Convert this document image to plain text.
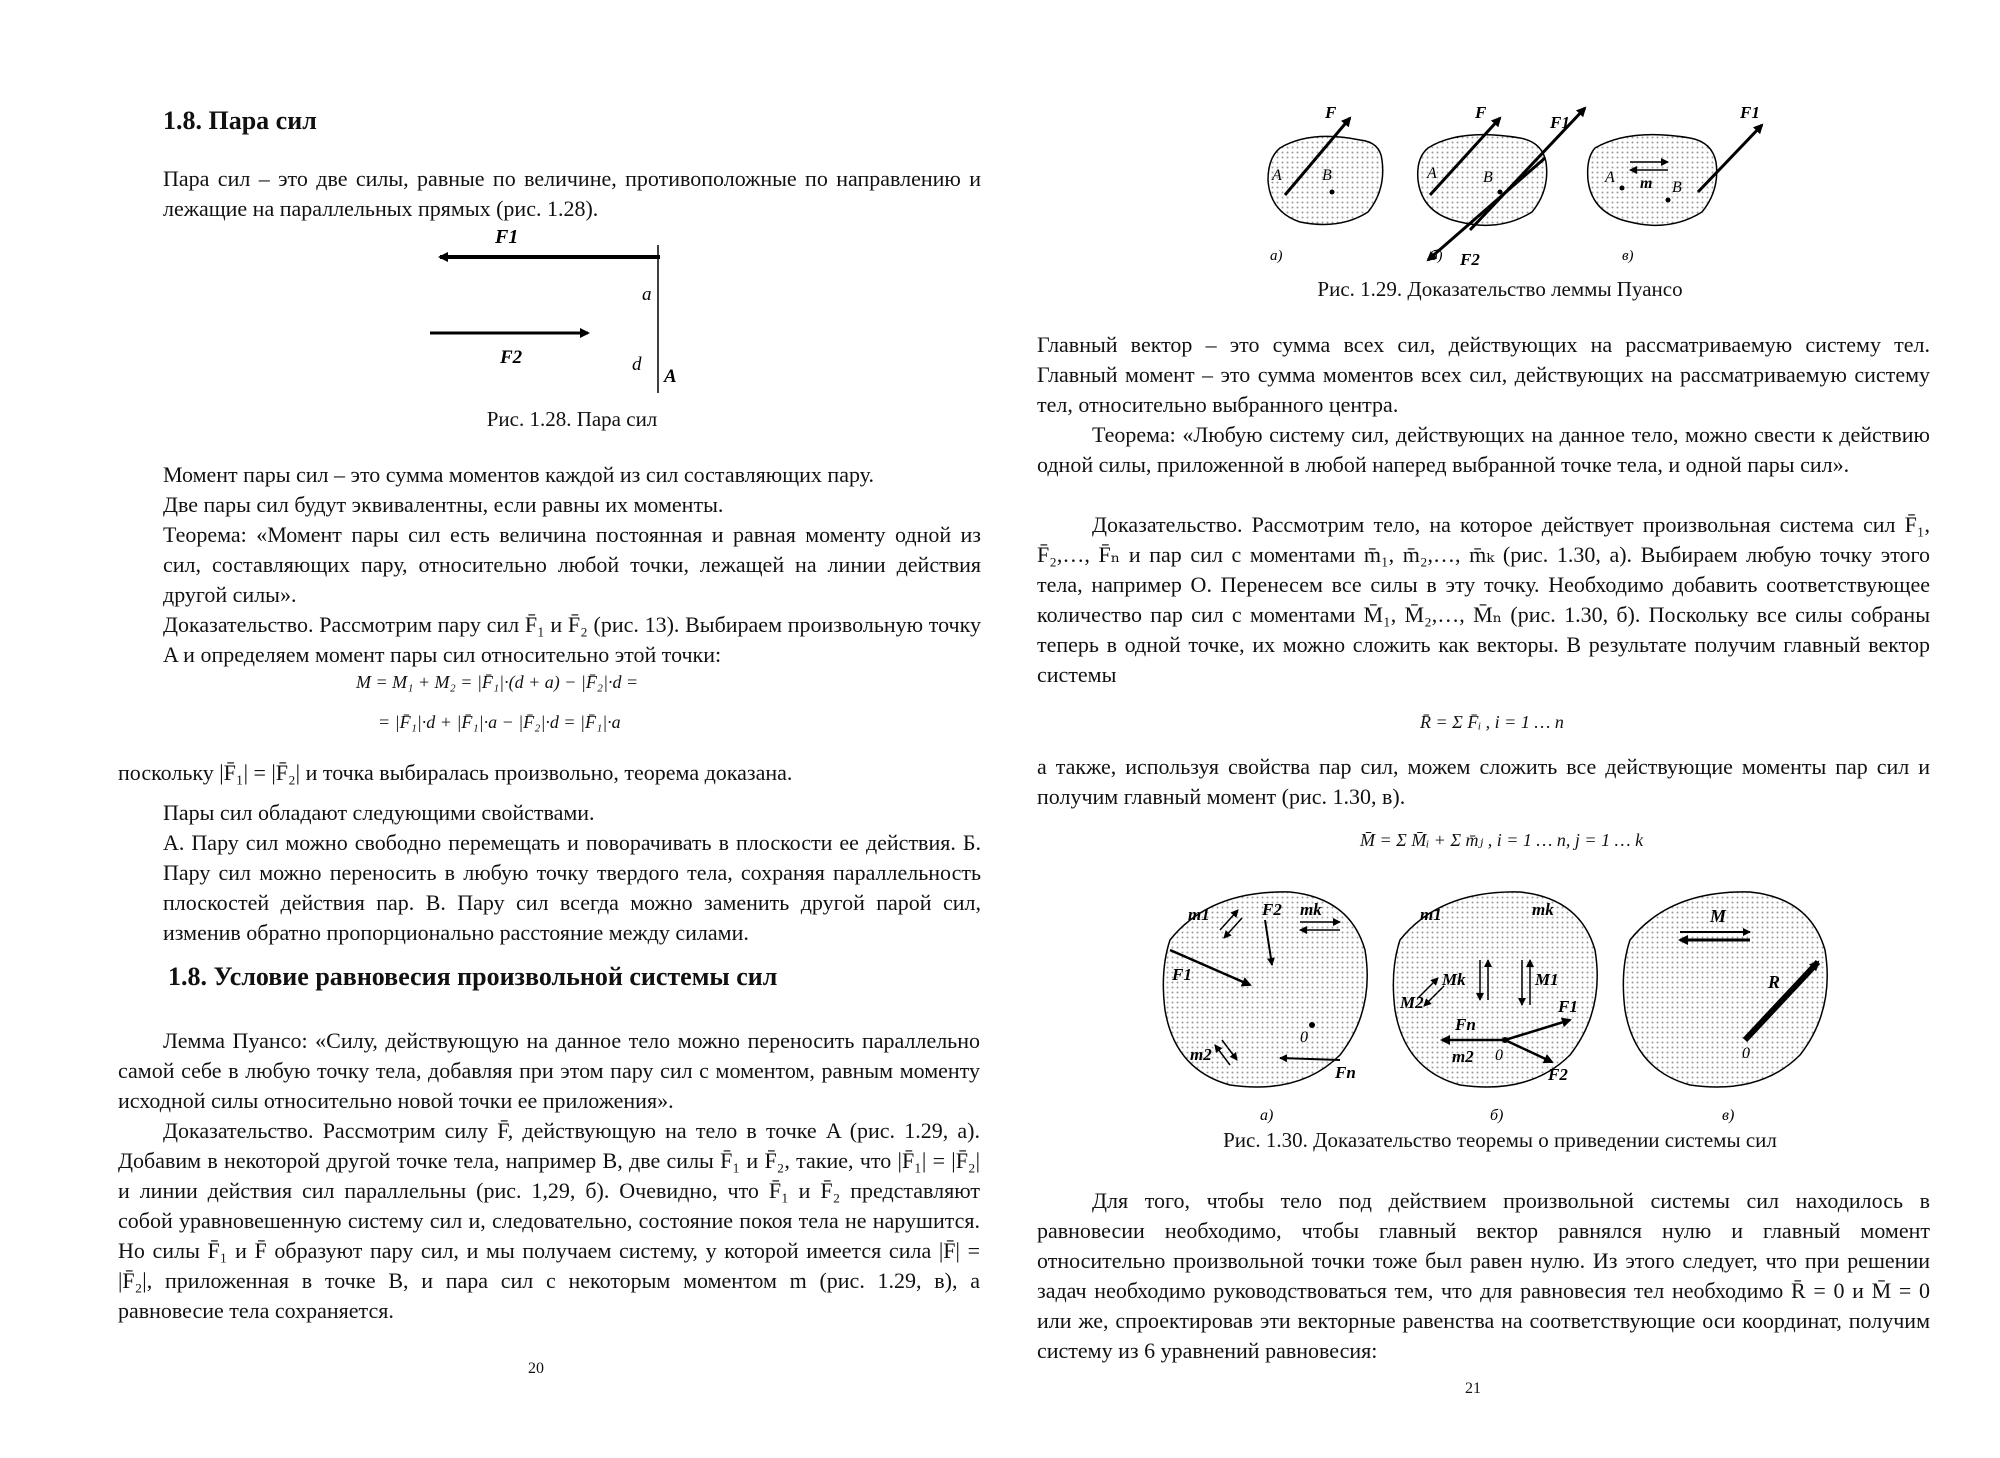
1.8. Пара сил

Пара сил – это две силы, равные по величине, противоположные по направлению и лежащие на параллельных прямых (рис. 1.28).

F1
a
F2	d
A
Рис. 1.28. Пара сил

Момент пары сил – это сумма моментов каждой из сил составляющих пару.

Две пары сил будут эквивалентны, если равны их моменты.

Теорема: «Момент пары сил есть величина постоянная и равная моменту одной из сил, составляющих пару, относительно любой точки, лежащей на линии действия другой силы».

Доказательство. Рассмотрим пару сил F̄₁ и F̄₂ (рис. 13). Выбираем произвольную точку A и определяем момент пары сил относительно этой точки:

M = M₁ + M₂ = |F̄₁|·(d + a) − |F̄₂|·d =
= |F̄₁|·d + |F̄₁|·a − |F̄₂|·d = |F̄₁|·a

поскольку |F̄₁| = |F̄₂| и точка выбиралась произвольно, теорема доказана.

Пары сил обладают следующими свойствами.

А. Пару сил можно свободно перемещать и поворачивать в плоскости ее действия. Б. Пару сил можно переносить в любую точку твердого тела, сохраняя параллельность плоскостей действия пар. В. Пару сил всегда можно заменить другой парой сил, изменив обратно пропорционально расстояние между силами.

1.8. Условие равновесия произвольной системы сил

Лемма Пуансо: «Силу, действующую на данное тело можно переносить параллельно самой себе в любую точку тела, добавляя при этом пару сил с моментом, равным моменту исходной силы относительно новой точки ее приложения».

Доказательство. Рассмотрим силу F̄, действующую на тело в точке A (рис. 1.29, а). Добавим в некоторой другой точке тела, например B, две силы F̄₁ и F̄₂, такие, что |F̄₁| = |F̄₂| и линии действия сил параллельны (рис. 1,29, б). Очевидно, что F̄₁ и F̄₂ представляют собой уравновешенную систему сил и, следовательно, состояние покоя тела не нарушится. Но силы F̄₁ и F̄ образуют пару сил, и мы получаем систему, у которой имеется сила |F̄| = |F̄₂|, приложенная в точке B, и пара сил с некоторым моментом m (рис. 1.29, в), а равновесие тела сохраняется.

20
F
A	B
а)
F
F1
F2
A	B
б)
F1
A m B
в)
Рис. 1.29. Доказательство леммы Пуансо

Главный вектор – это сумма всех сил, действующих на рассматриваемую систему тел. Главный момент – это сумма моментов всех сил, действующих на рассматриваемую систему тел, относительно выбранного центра.

Теорема: «Любую систему сил, действующих на данное тело, можно свести к действию одной силы, приложенной в любой наперед выбранной точке тела, и одной пары сил».

Доказательство. Рассмотрим тело, на которое действует произвольная система сил F̄₁, F̄₂,…, F̄ₙ и пар сил с моментами m̄₁, m̄₂,…, m̄ₖ (рис. 1.30, а). Выбираем любую точку этого тела, например O. Перенесем все силы в эту точку. Необходимо добавить соответствующее количество пар сил с моментами M̄₁, M̄₂,…, M̄ₙ (рис. 1.30, б). Поскольку все силы собраны теперь в одной точке, их можно сложить как векторы. В результате получим главный вектор системы

R̄ = Σ F̄ᵢ , i = 1 … n

а также, используя свойства пар сил, можем сложить все действующие моменты пар сил и получим главный момент (рис. 1.30, в).

M̄ = Σ M̄ᵢ + Σ m̄ⱼ , i = 1 … n, j = 1 … k
m1	mk
F2
F1
0
m2
Fn
а)
m1	mk
Mk	M1
M2
Fn
F1
F2
0
m2
б)
M
R
0
в)
Рис. 1.30. Доказательство теоремы о приведении системы сил

Для того, чтобы тело под действием произвольной системы сил находилось в равновесии необходимо, чтобы главный вектор равнялся нулю и главный момент относительно произвольной точки тоже был равен нулю. Из этого следует, что при решении задач необходимо руководствоваться тем, что для равновесия тел необходимо R̄ = 0 и M̄ = 0 или же, спроектировав эти векторные равенства на соответствующие оси координат, получим систему из 6 уравнений равновесия:

21
